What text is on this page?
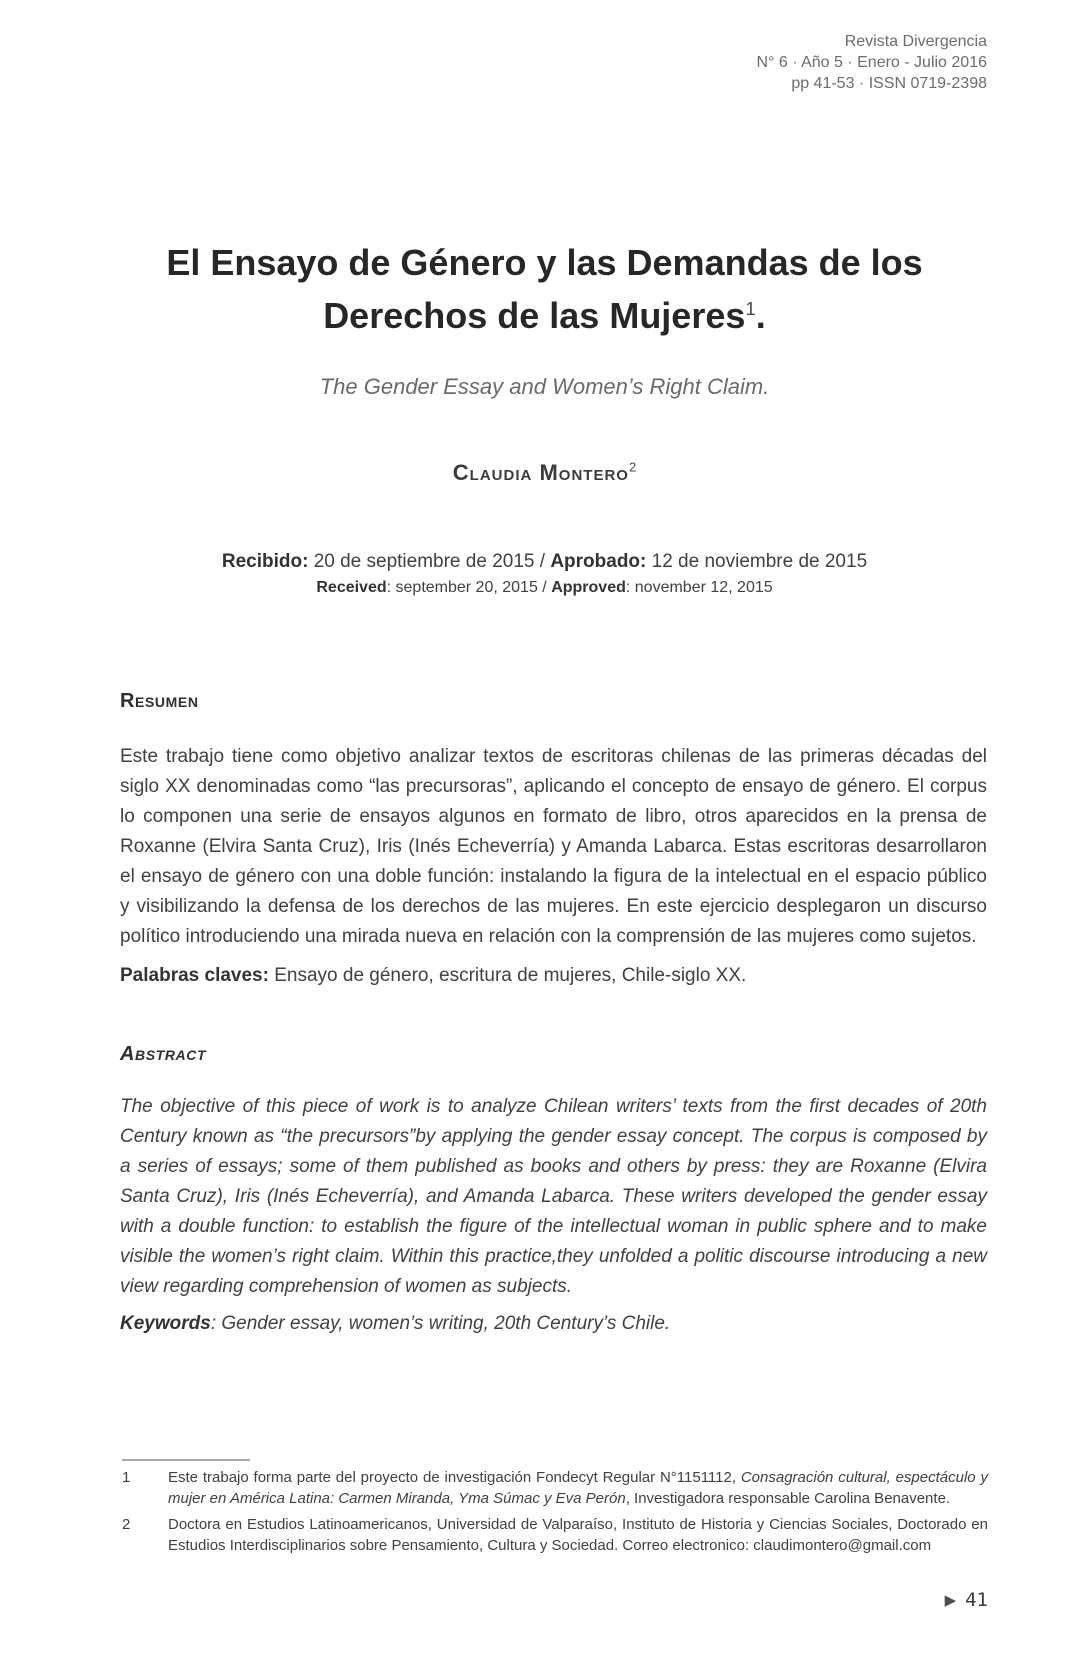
Revista Divergencia
N° 6 · Año 5 · Enero - Julio 2016
pp 41-53 · ISSN 0719-2398
El Ensayo de Género y las Demandas de los
Derechos de las Mujeres$^1$.
The Gender Essay and Women’s Right Claim.
Claudia Montero$^2$
Recibido: 20 de septiembre de 2015 / Aprobado: 12 de noviembre de 2015
Received: september 20, 2015 / Approved: november 12, 2015
Resumen

Este trabajo tiene como objetivo analizar textos de escritoras chilenas de las primeras décadas del siglo XX denominadas como “las precursoras”, aplicando el concepto de ensayo de género. El corpus lo componen una serie de ensayos algunos en formato de libro, otros aparecidos en la prensa de Roxanne (Elvira Santa Cruz), Iris (Inés Echeverría) y Amanda Labarca. Estas escritoras desarrollaron el ensayo de género con una doble función: instalando la figura de la intelectual en el espacio público y visibilizando la defensa de los derechos de las mujeres. En este ejercicio desplegaron un discurso político introduciendo una mirada nueva en relación con la comprensión de las mujeres como sujetos.

Palabras claves: Ensayo de género, escritura de mujeres, Chile-siglo XX.
Abstract

The objective of this piece of work is to analyze Chilean writers’ texts from the first decades of 20th Century known as “the precursors”by applying the gender essay concept. The corpus is composed by a series of essays; some of them published as books and others by press: they are Roxanne (Elvira Santa Cruz), Iris (Inés Echeverría), and Amanda Labarca. These writers developed the gender essay with a double function: to establish the figure of the intellectual woman in public sphere and to make visible the women’s right claim. Within this practice,they unfolded a politic discourse introducing a new view regarding comprehension of women as subjects.

Keywords: Gender essay, women’s writing, 20th Century’s Chile.
1	Este trabajo forma parte del proyecto de investigación Fondecyt Regular N°1151112, Consagración cultural, espectáculo y mujer en América Latina: Carmen Miranda, Yma Súmac y Eva Perón, Investigadora responsable Carolina Benavente.
2	Doctora en Estudios Latinoamericanos, Universidad de Valparaíso, Instituto de Historia y Ciencias Sociales, Doctorado en Estudios Interdisciplinarios sobre Pensamiento, Cultura y Sociedad. Correo electronico: claudimontero@gmail.com
▶ 41
